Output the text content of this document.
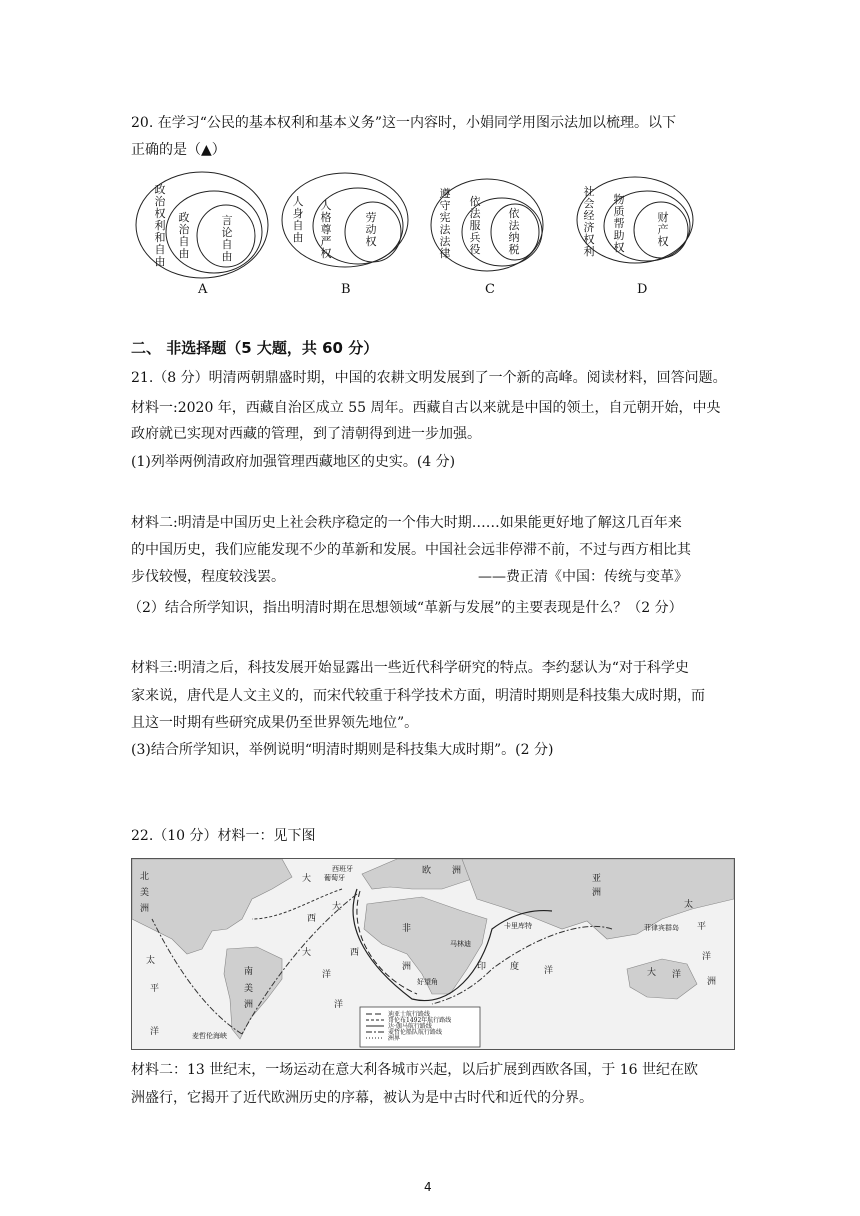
20. 在学习“公民的基本权利和基本义务”这一内容时，小娟同学用图示法加以梳理。以下
正确的是（▲）
政治权利和自由
政治自由
言论自由
人身自由
人格尊严权
劳动权
遵守宪法法律
依法服兵役
依法纳税
社会经济权利
物质帮助权
财产权
A	B	C	D
二、 非选择题（5 大题，共 60 分）
21.（8 分）明清两朝鼎盛时期，中国的农耕文明发展到了一个新的高峰。阅读材料，回答问题。
材料一:2020 年，西藏自治区成立 55 周年。西藏自古以来就是中国的领土，自元朝开始，中央
政府就已实现对西藏的管理，到了清朝得到进一步加强。
(1)列举两例清政府加强管理西藏地区的史实。(4 分)
材料二:明清是中国历史上社会秩序稳定的一个伟大时期……如果能更好地了解这几百年来
的中国历史，我们应能发现不少的革新和发展。中国社会远非停滞不前，不过与西方相比其
步伐较慢，程度较浅罢。	——费正清《中国：传统与变革》
（2）结合所学知识，指出明清时期在思想领域“革新与发展”的主要表现是什么？（2 分）
材料三:明清之后，科技发展开始显露出一些近代科学研究的特点。李约瑟认为“对于科学史
家来说，唐代是人文主义的，而宋代较重于科学技术方面，明清时期则是科技集大成时期，而
且这一时期有些研究成果仍至世界领先地位”。
(3)结合所学知识，举例说明“明清时期则是科技集大成时期”。(2 分)
22.（10 分）材料一：见下图
北
美
洲
大
欧 洲
西班牙
葡萄牙
西
非
洲
马林迪
卡里库特
印	度	洋
太
平
洋
南
美
洲
大
洋
好望角
亚
洲
菲律宾群岛
太
平
洋
大 洋
洲
麦哲伦海峡
大
西
洋
迪亚士航行路线
哥伦布1492年航行路线
达·伽马航行路线
麦哲伦船队航行路线
洲界
材料二：13 世纪末，一场运动在意大利各城市兴起，以后扩展到西欧各国，于 16 世纪在欧
洲盛行，它揭开了近代欧洲历史的序幕，被认为是中古时代和近代的分界。
4
